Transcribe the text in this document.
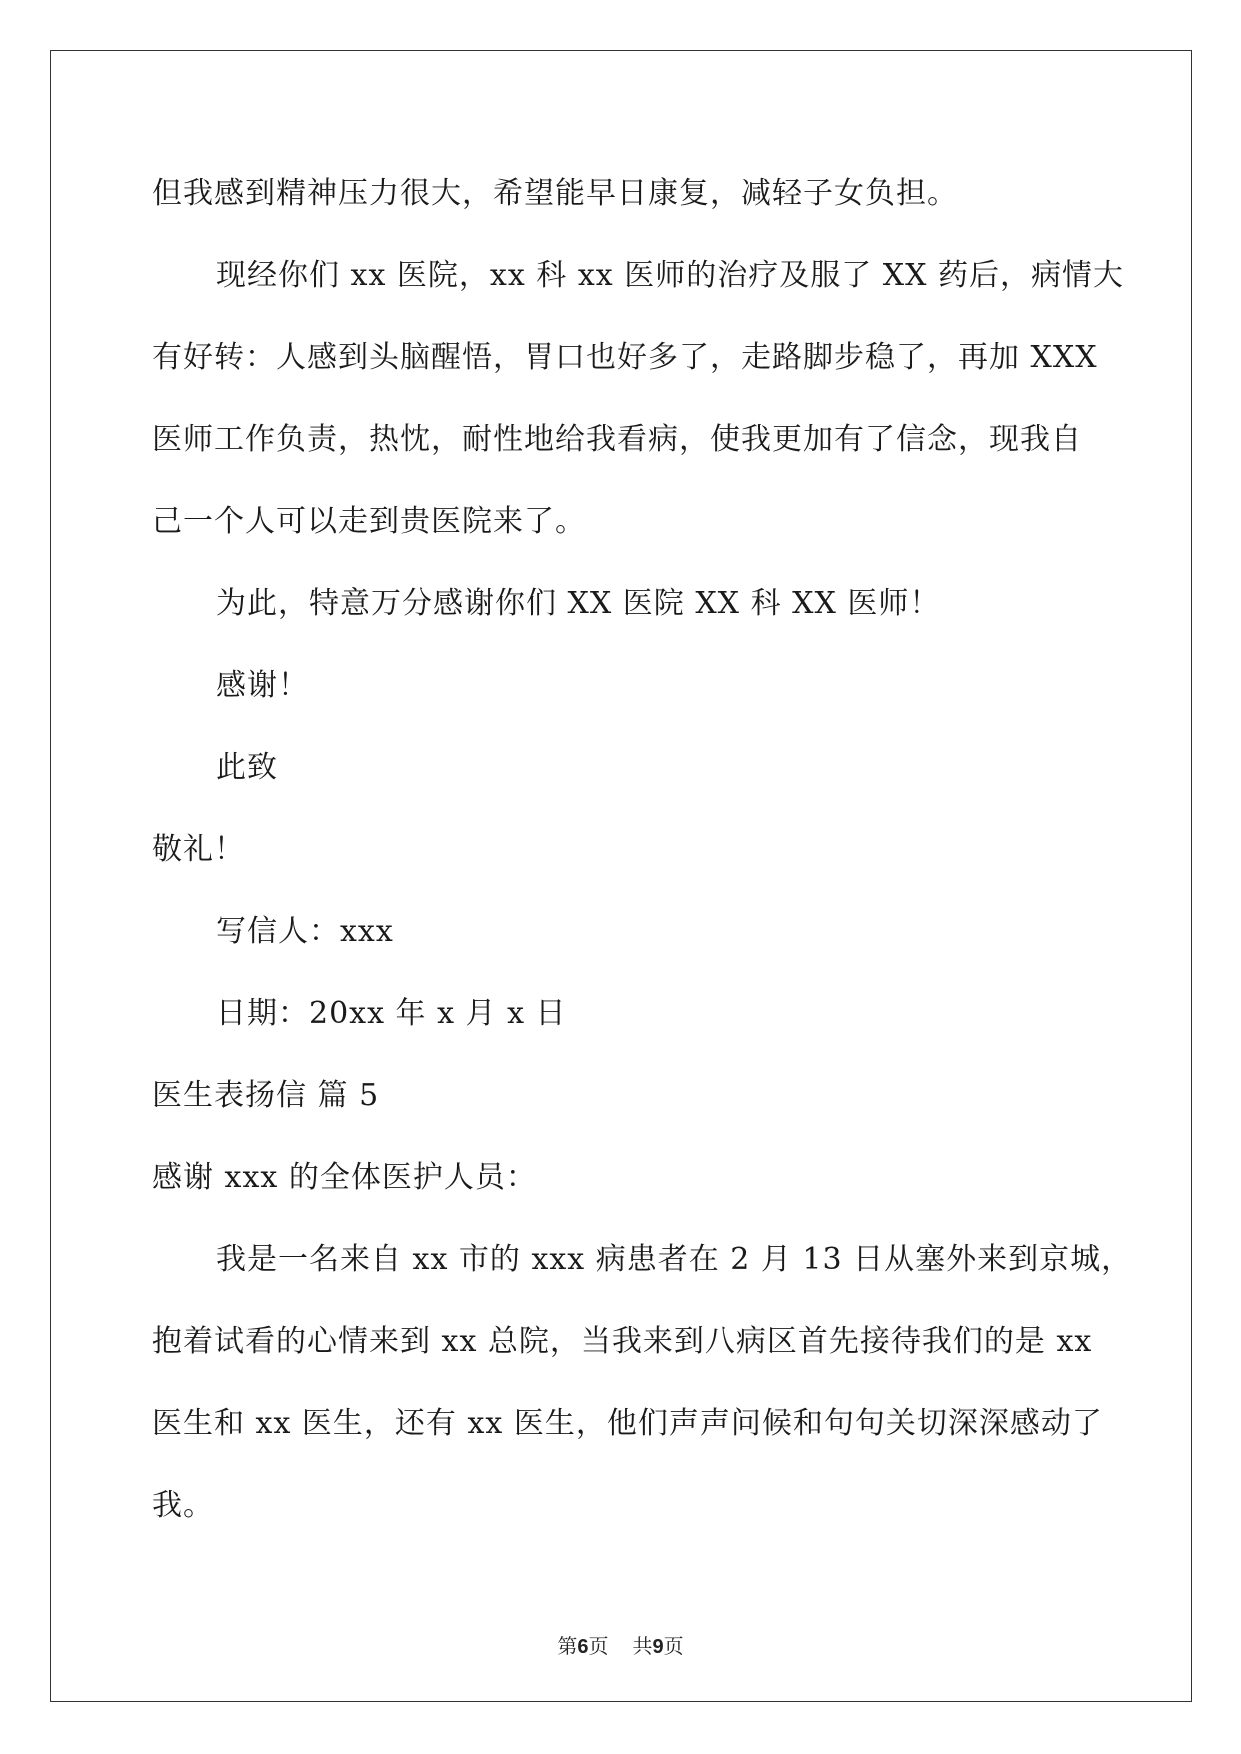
但我感到精神压力很大，希望能早日康复，减轻子女负担。
现经你们 xx 医院，xx 科 xx 医师的治疗及服了 XX 药后，病情大
有好转：人感到头脑醒悟，胃口也好多了，走路脚步稳了，再加 XXX
医师工作负责，热忱，耐性地给我看病，使我更加有了信念，现我自
己一个人可以走到贵医院来了。
为此，特意万分感谢你们 XX 医院 XX 科 XX 医师！
感谢！
此致
敬礼！
写信人：xxx
日期：20xx 年 x 月 x 日
医生表扬信 篇 5
感谢 xxx 的全体医护人员：
我是一名来自 xx 市的 xxx 病患者在 2 月 13 日从塞外来到京城，
抱着试看的心情来到 xx 总院，当我来到八病区首先接待我们的是 xx
医生和 xx 医生，还有 xx 医生，他们声声问候和句句关切深深感动了
我。
第6页 共9页
